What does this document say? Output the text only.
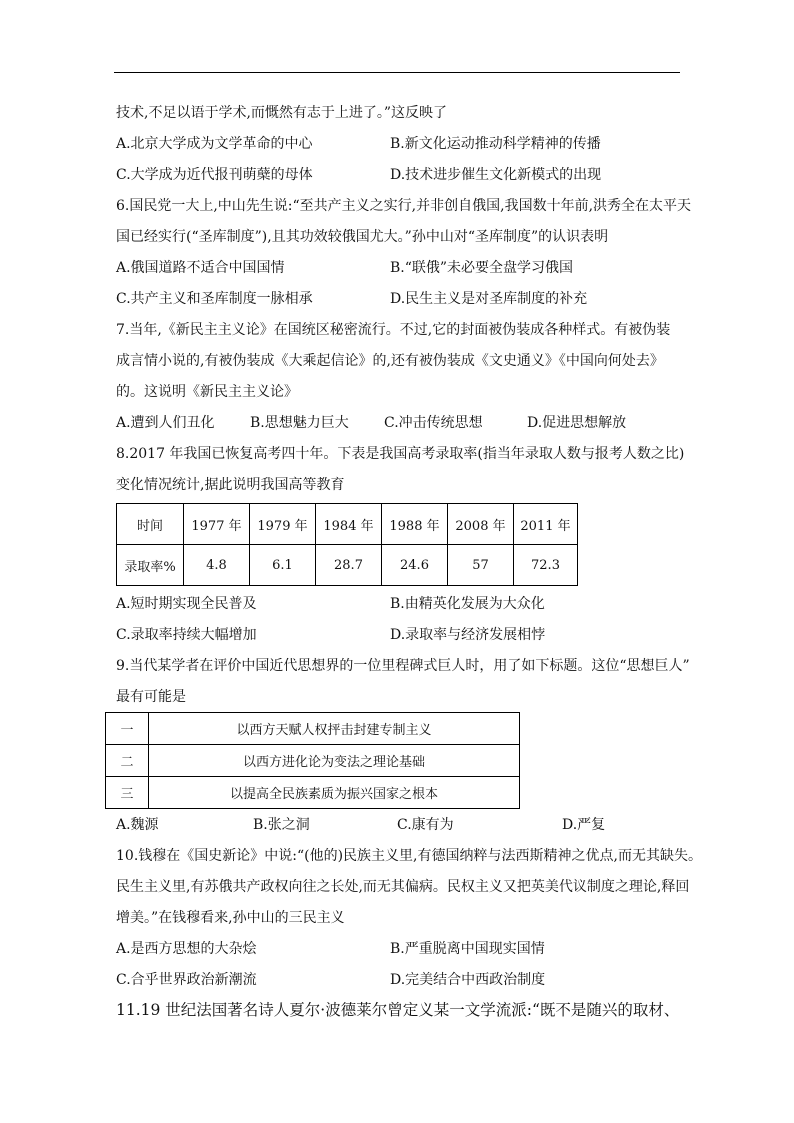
技术,不足以语于学术,而慨然有志于上进了。”这反映了
A.北京大学成为文学革命的中心	B.新文化运动推动科学精神的传播
C.大学成为近代报刊萌蘖的母体	D.技术进步催生文化新模式的出现
6.国民党一大上,中山先生说:“至共产主义之实行,并非创自俄国,我国数十年前,洪秀全在太平天
国已经实行(“圣库制度”),且其功效较俄国尤大。”孙中山对“圣库制度”的认识表明
A.俄国道路不适合中国国情	B.“联俄”未必要全盘学习俄国
C.共产主义和圣库制度一脉相承	D.民生主义是对圣库制度的补充
7.当年,《新民主主义论》在国统区秘密流行。不过,它的封面被伪装成各种样式。有被伪装
成言情小说的,有被伪装成《大乘起信论》的,还有被伪装成《文史通义》《中国向何处去》
的。这说明《新民主主义论》
A.遭到人们丑化	B.思想魅力巨大	C.冲击传统思想	D.促进思想解放
8.2017 年我国已恢复高考四十年。下表是我国高考录取率(指当年录取人数与报考人数之比)
变化情况统计,据此说明我国高等教育
时间	1977 年	1979 年	1984 年	1988 年	2008 年	2011 年
录取率%	4.8	6.1	28.7	24.6	57	72.3
A.短时期实现全民普及	B.由精英化发展为大众化
C.录取率持续大幅增加	D.录取率与经济发展相悖
9.当代某学者在评价中国近代思想界的一位里程碑式巨人时，用了如下标题。这位“思想巨人”
最有可能是
一	以西方天赋人权抨击封建专制主义
二	以西方进化论为变法之理论基础
三	以提高全民族素质为振兴国家之根本
A.魏源	B.张之洞	C.康有为	D.严复
10.钱穆在《国史新论》中说:“(他的)民族主义里,有德国纳粹与法西斯精神之优点,而无其缺失。
民生主义里,有苏俄共产政权向往之长处,而无其偏病。民权主义又把英美代议制度之理论,释回
增美。”在钱穆看来,孙中山的三民主义
A.是西方思想的大杂烩	B.严重脱离中国现实国情
C.合乎世界政治新潮流	D.完美结合中西政治制度
11.19 世纪法国著名诗人夏尔·波德莱尔曾定义某一文学流派:“既不是随兴的取材、
